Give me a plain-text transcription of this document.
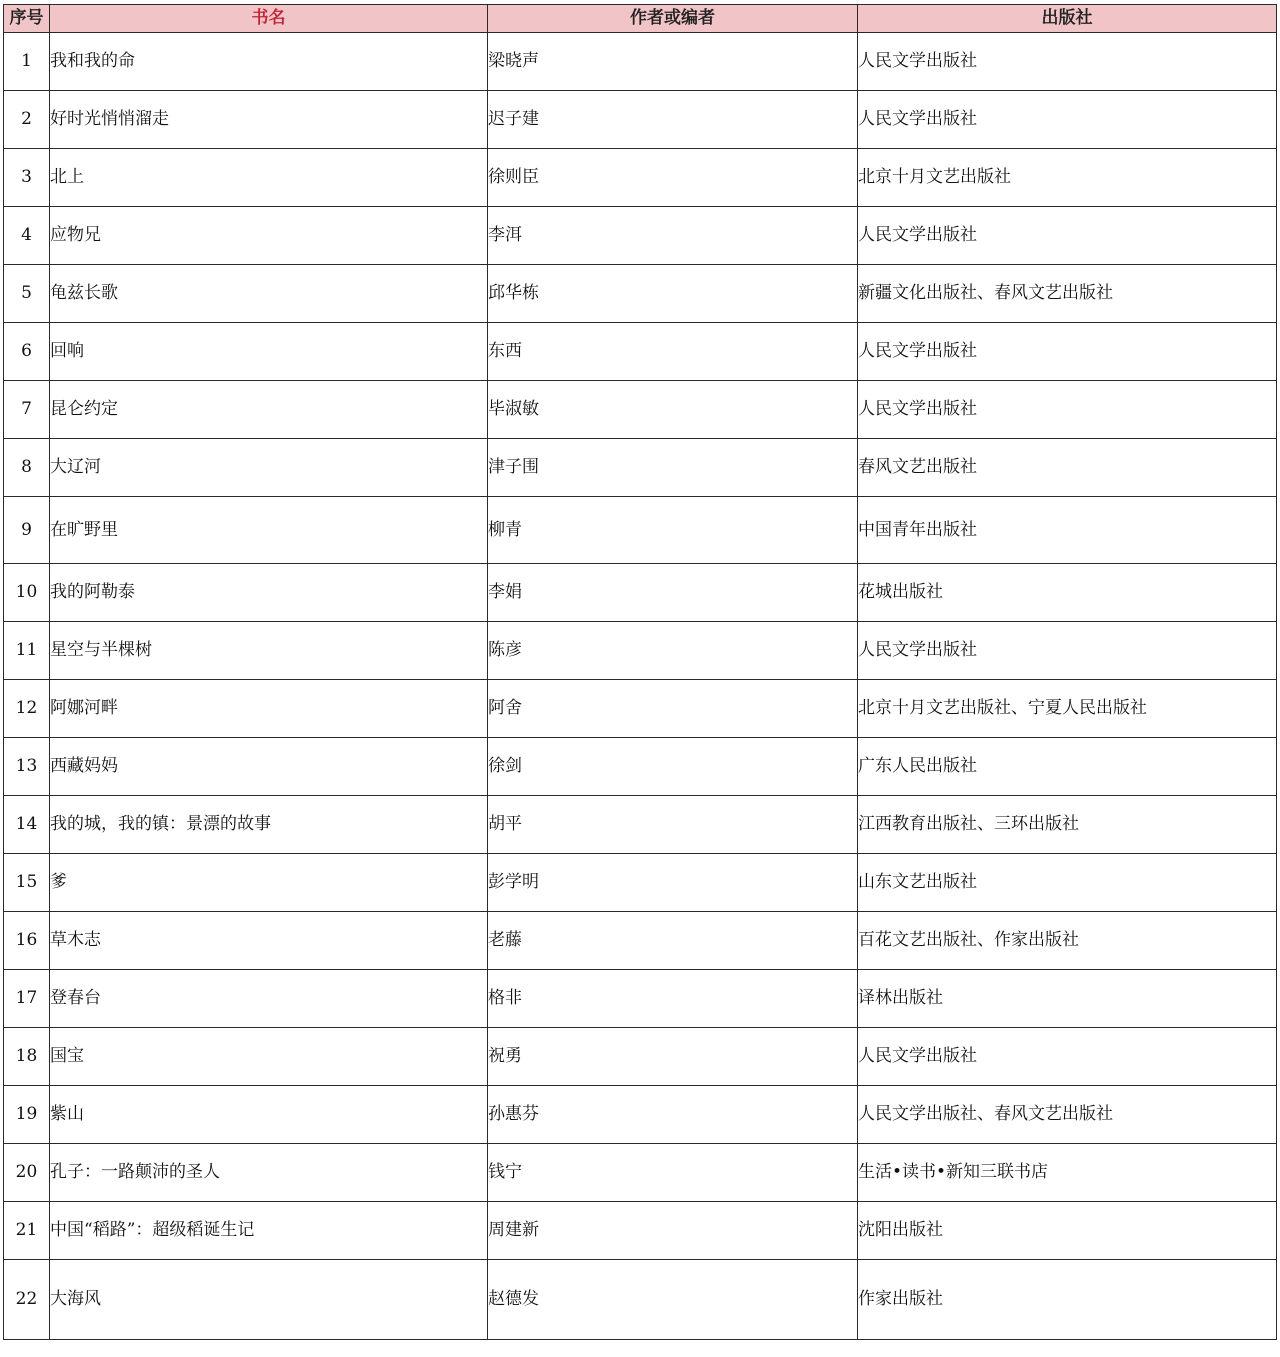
序号	书名	作者或编者	出版社
1	我和我的命	梁晓声	人民文学出版社
2	好时光悄悄溜走	迟子建	人民文学出版社
3	北上	徐则臣	北京十月文艺出版社
4	应物兄	李洱	人民文学出版社
5	龟兹长歌	邱华栋	新疆文化出版社、春风文艺出版社
6	回响	东西	人民文学出版社
7	昆仑约定	毕淑敏	人民文学出版社
8	大辽河	津子围	春风文艺出版社
9	在旷野里	柳青	中国青年出版社
10	我的阿勒泰	李娟	花城出版社
11	星空与半棵树	陈彦	人民文学出版社
12	阿娜河畔	阿舍	北京十月文艺出版社、宁夏人民出版社
13	西藏妈妈	徐剑	广东人民出版社
14	我的城，我的镇：景漂的故事	胡平	江西教育出版社、三环出版社
15	爹	彭学明	山东文艺出版社
16	草木志	老藤	百花文艺出版社、作家出版社
17	登春台	格非	译林出版社
18	国宝	祝勇	人民文学出版社
19	紫山	孙惠芬	人民文学出版社、春风文艺出版社
20	孔子：一路颠沛的圣人	钱宁	生活•读书•新知三联书店
21	中国“稻路”：超级稻诞生记	周建新	沈阳出版社
22	大海风	赵德发	作家出版社
